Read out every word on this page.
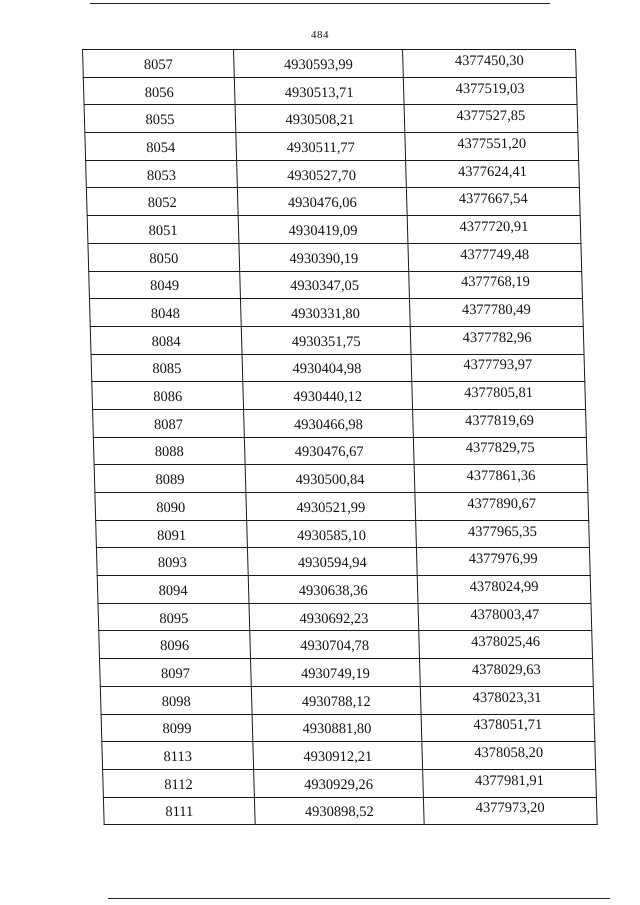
484
8057	4930593,99	4377450,30
8056	4930513,71	4377519,03
8055	4930508,21	4377527,85
8054	4930511,77	4377551,20
8053	4930527,70	4377624,41
8052	4930476,06	4377667,54
8051	4930419,09	4377720,91
8050	4930390,19	4377749,48
8049	4930347,05	4377768,19
8048	4930331,80	4377780,49
8084	4930351,75	4377782,96
8085	4930404,98	4377793,97
8086	4930440,12	4377805,81
8087	4930466,98	4377819,69
8088	4930476,67	4377829,75
8089	4930500,84	4377861,36
8090	4930521,99	4377890,67
8091	4930585,10	4377965,35
8093	4930594,94	4377976,99
8094	4930638,36	4378024,99
8095	4930692,23	4378003,47
8096	4930704,78	4378025,46
8097	4930749,19	4378029,63
8098	4930788,12	4378023,31
8099	4930881,80	4378051,71
8113	4930912,21	4378058,20
8112	4930929,26	4377981,91
8111	4930898,52	4377973,20
